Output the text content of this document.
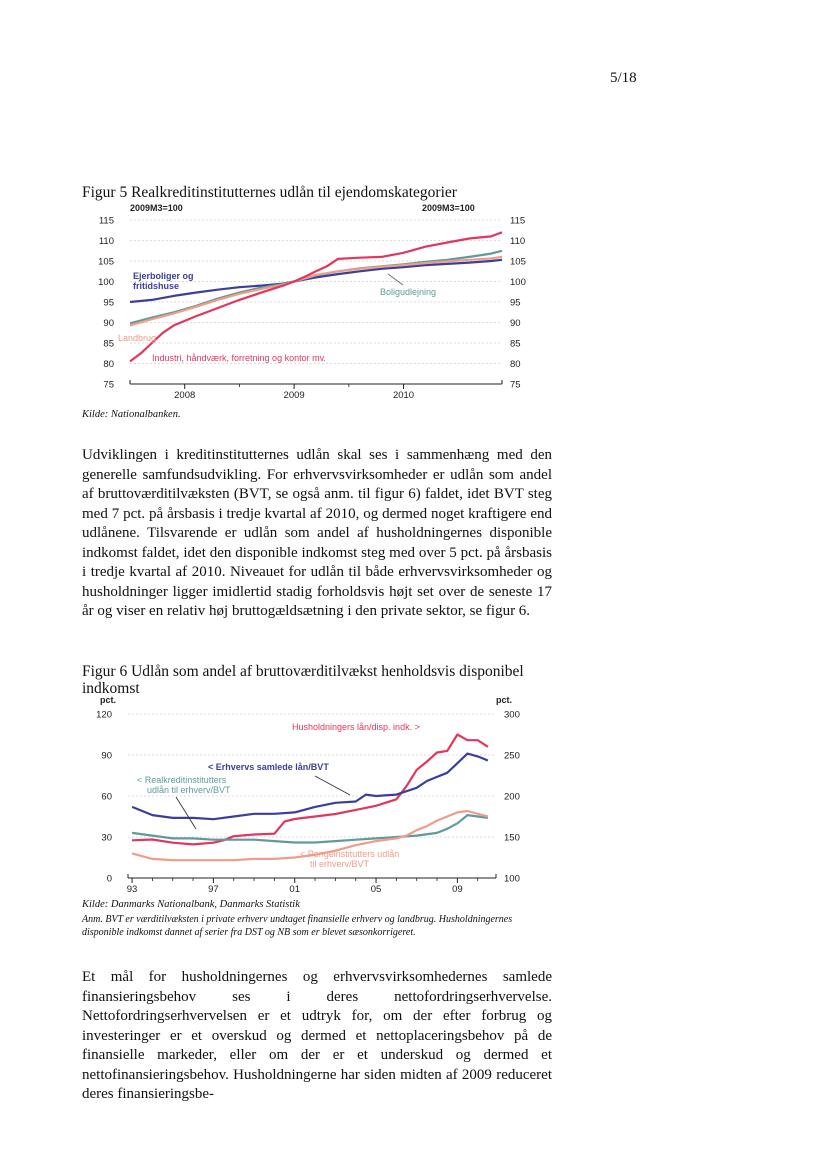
5/18
Figur 5 Realkreditinstitutternes udlån til ejendomskategorier
2009M3=100	2009M3=100
75
80
85
90
95
100
105
110
115
75
80
85
90
95
100
105
110
115
2008	2009	2010
Ejerboliger og
fritidshuse
Boligudlejning
Landbrug
Industri, håndværk, forretning og kontor mv.
Kilde: Nationalbanken.

Udviklingen i kreditinstitutternes udlån skal ses i sammenhæng med den generelle samfundsudvikling. For erhvervsvirksomheder er udlån som andel af bruttoværditilvæksten (BVT, se også anm. til figur 6) faldet, idet BVT steg med 7 pct. på årsbasis i tredje kvartal af 2010, og dermed noget kraftigere end udlånene. Tilsvarende er udlån som andel af husholdningernes disponible indkomst faldet, idet den disponible indkomst steg med over 5 pct. på årsbasis i tredje kvartal af 2010. Niveauet for udlån til både erhvervsvirksomheder og husholdninger ligger imidlertid stadig forholdsvis højt set over de seneste 17 år og viser en relativ høj bruttogældsætning i den private sektor, se figur 6.

Figur 6 Udlån som andel af bruttoværditilvækst henholdsvis disponibel indkomst
pct.	pct.
0
30
60
90
120
100
150
200
250
300
93	97	01	05	09
Husholdningers lån/disp. indk. >
< Erhvervs samlede lån/BVT
< Realkreditinstitutters
udlån til erhverv/BVT
< Pengeinstitutters udlån
til erhverv/BVT
Kilde: Danmarks Nationalbank, Danmarks Statistik
Anm. BVT er værditilvæksten i private erhverv undtaget finansielle erhverv og landbrug. Husholdningernes disponible indkomst dannet af serier fra DST og NB som er blevet sæsonkorrigeret.

Et mål for husholdningernes og erhvervsvirksomhedernes samlede finansieringsbehov ses i deres nettofordringserhvervelse. Nettofordringserhvervelsen er et udtryk for, om der efter forbrug og investeringer er et overskud og dermed et nettoplaceringsbehov på de finansielle markeder, eller om der er et underskud og dermed et nettofinansieringsbehov. Husholdningerne har siden midten af 2009 reduceret deres finansieringsbe-
